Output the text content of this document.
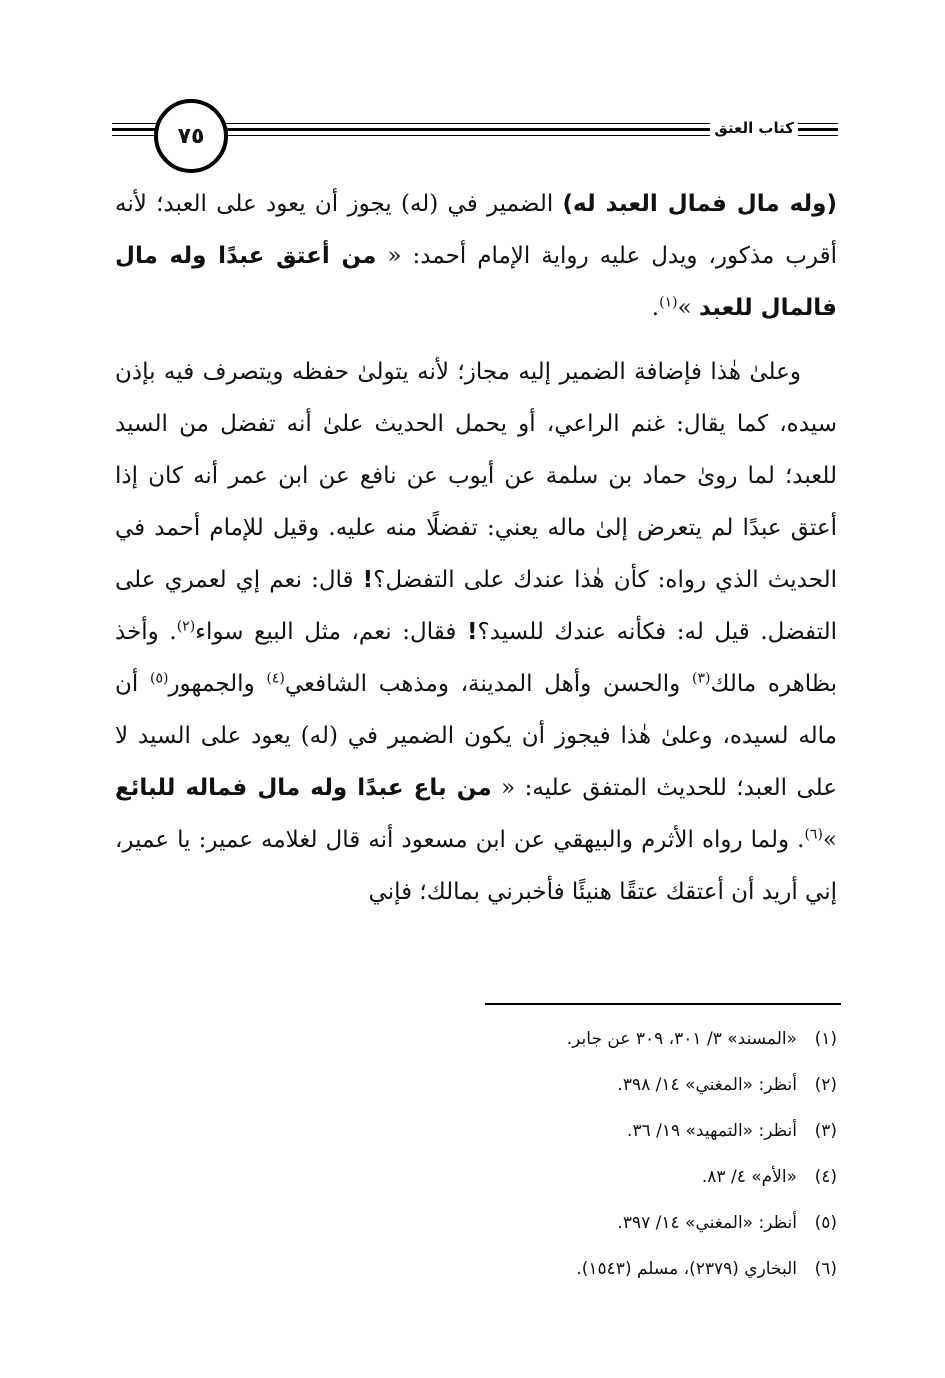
٧٥	كتاب العتق

(وله مال فمال العبد له) الضمير في (له) يجوز أن يعود على العبد؛ لأنه أقرب مذكور، ويدل عليه رواية الإمام أحمد: « من أعتق عبدًا وله مال فالمال للعبد »$^{(١)}$.

وعلىٰ هٰذا فإضافة الضمير إليه مجاز؛ لأنه يتولىٰ حفظه ويتصرف فيه بإذن سيده، كما يقال: غنم الراعي، أو يحمل الحديث علىٰ أنه تفضل من السيد للعبد؛ لما روىٰ حماد بن سلمة عن أيوب عن نافع عن ابن عمر أنه كان إذا أعتق عبدًا لم يتعرض إلىٰ ماله يعني: تفضلًا منه عليه. وقيل للإمام أحمد في الحديث الذي رواه: كأن هٰذا عندك على التفضل؟! قال: نعم إي لعمري على التفضل. قيل له: فكأنه عندك للسيد؟! فقال: نعم، مثل البيع سواء$^{(٢)}$. وأخذ بظاهره مالك$^{(٣)}$ والحسن وأهل المدينة، ومذهب الشافعي$^{(٤)}$ والجمهور$^{(٥)}$ أن ماله لسيده، وعلىٰ هٰذا فيجوز أن يكون الضمير في (له) يعود على السيد لا على العبد؛ للحديث المتفق عليه: « من باع عبدًا وله مال فماله للبائع »$^{(٦)}$. ولما رواه الأثرم والبيهقي عن ابن مسعود أنه قال لغلامه عمير: يا عمير، إني أريد أن أعتقك عتقًا هنيئًا فأخبرني بمالك؛ فإني

(١)«المسند» ٣/ ٣٠١، ٣٠٩ عن جابر.
(٢)أنظر: «المغني» ١٤/ ٣٩٨.
(٣)أنظر: «التمهيد» ١٩/ ٣٦.
(٤)«الأم» ٤/ ٨٣.
(٥)أنظر: «المغني» ١٤/ ٣٩٧.
(٦)البخاري (٢٣٧٩)، مسلم (١٥٤٣).
